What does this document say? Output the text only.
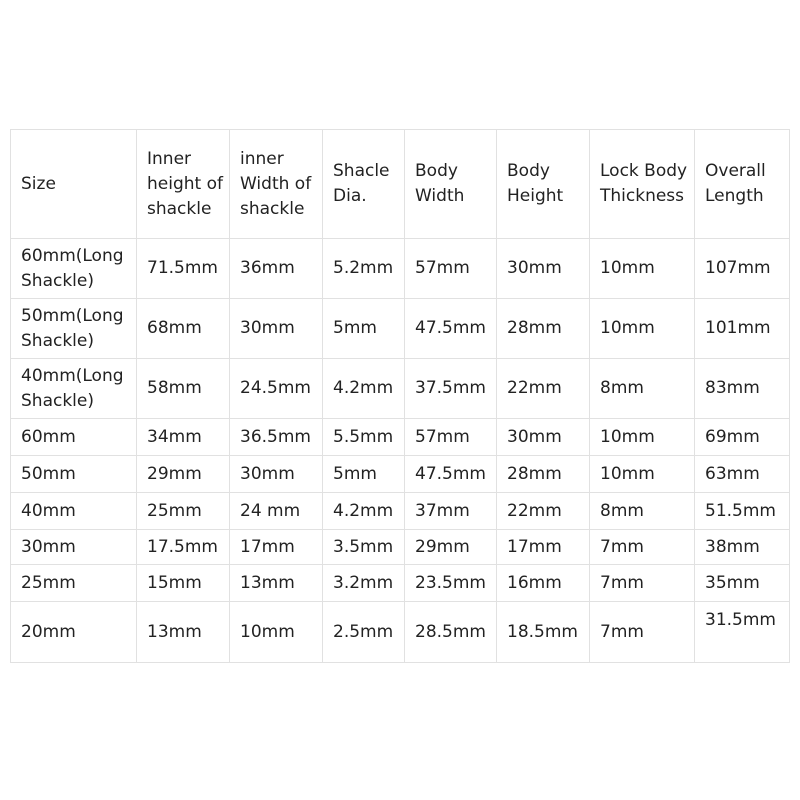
Size	Inner height of shackle	inner Width of shackle	Shacle Dia.	Body Width	Body Height	Lock Body Thickness	Overall Length
60mm(Long Shackle)	71.5mm	36mm	5.2mm	57mm	30mm	10mm	107mm
50mm(Long Shackle)	68mm	30mm	5mm	47.5mm	28mm	10mm	101mm
40mm(Long Shackle)	58mm	24.5mm	4.2mm	37.5mm	22mm	8mm	83mm
60mm	34mm	36.5mm	5.5mm	57mm	30mm	10mm	69mm
50mm	29mm	30mm	5mm	47.5mm	28mm	10mm	63mm
40mm	25mm	24 mm	4.2mm	37mm	22mm	8mm	51.5mm
30mm	17.5mm	17mm	3.5mm	29mm	17mm	7mm	38mm
25mm	15mm	13mm	3.2mm	23.5mm	16mm	7mm	35mm
20mm	13mm	10mm	2.5mm	28.5mm	18.5mm	7mm	31.5mm
